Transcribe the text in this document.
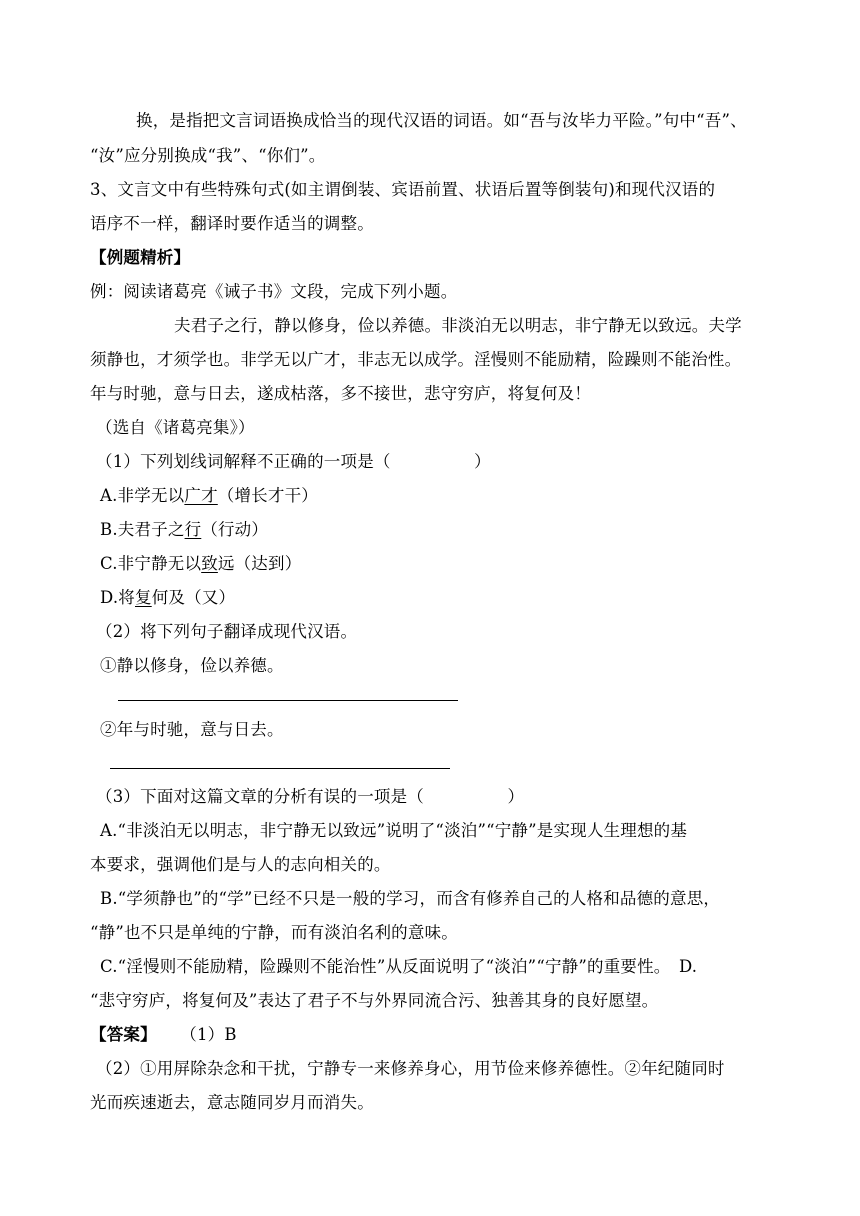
换，是指把文言词语换成恰当的现代汉语的词语。如“吾与汝毕力平险。”句中“吾”、
“汝”应分别换成“我”、“你们”。
3、文言文中有些特殊句式(如主谓倒装、宾语前置、状语后置等倒装句)和现代汉语的
语序不一样，翻译时要作适当的调整。
【例题精析】
例：阅读诸葛亮《诫子书》文段，完成下列小题。
夫君子之行，静以修身，俭以养德。非淡泊无以明志，非宁静无以致远。夫学
须静也，才须学也。非学无以广才，非志无以成学。淫慢则不能励精，险躁则不能治性。
年与时驰，意与日去，遂成枯落，多不接世，悲守穷庐，将复何及！
（选自《诸葛亮集》）
（1）下列划线词解释不正确的一项是（　　　　　）
A.非学无以广才（增长才干）
B.夫君子之行（行动）
C.非宁静无以致远（达到）
D.将复何及（又）
（2）将下列句子翻译成现代汉语。
①静以修身，俭以养德。
②年与时驰，意与日去。
（3）下面对这篇文章的分析有误的一项是（　　　　　）
A.“非淡泊无以明志，非宁静无以致远”说明了“淡泊”“宁静”是实现人生理想的基
本要求，强调他们是与人的志向相关的。
B.“学须静也”的“学”已经不只是一般的学习，而含有修养自己的人格和品德的意思，
“静”也不只是单纯的宁静，而有淡泊名利的意味。
C.“淫慢则不能励精，险躁则不能治性”从反面说明了“淡泊”“宁静”的重要性。　D.
“悲守穷庐，将复何及”表达了君子不与外界同流合污、独善其身的良好愿望。
【答案】 （1）B
（2）①用屏除杂念和干扰，宁静专一来修养身心，用节俭来修养德性。②年纪随同时
光而疾速逝去，意志随同岁月而消失。
